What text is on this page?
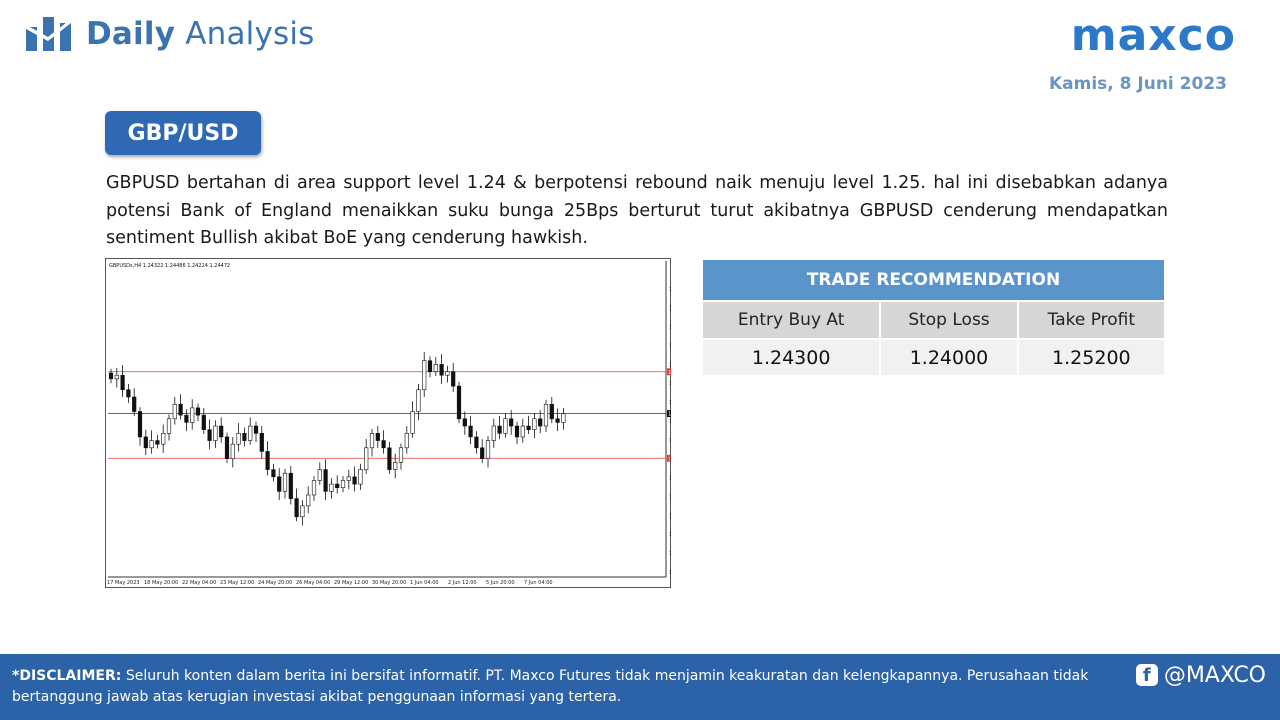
Daily Analysis	maxco
Kamis, 8 Juni 2023
GBP/USD

GBPUSD bertahan di area support level 1.24 & berpotensi rebound naik menuju level 1.25. hal ini disebabkan adanya potensi Bank of England menaikkan suku bunga 25Bps berturut turut akibatnya GBPUSD cenderung mendapatkan sentiment Bullish akibat BoE yang cenderung hawkish.

GBPUSDs,H4 1.24322 1.24486 1.24224 1.24472
1
1
1
1
1
1
1
1
1
1
1
1
1
1
1
1
1
1
1
17 May 2023 18 May 20:00 22 May 04:00 23 May 12:00 24 May 20:00 26 May 04:00 29 May 12:00 30 May 20:00 1 Jun 04:00 2 Jun 12:00 5 Jun 20:00 7 Jun 04:00
TRADE RECOMMENDATION		
Entry Buy At	Stop Loss	Take Profit
1.24300	1.24000	1.25200
*DISCLAIMER: Seluruh konten dalam berita ini bersifat informatif. PT. Maxco Futures tidak menjamin keakuratan dan kelengkapannya. Perusahaan tidak bertanggung jawab atas kerugian investasi akibat penggunaan informasi yang tertera.
f @MAXCO
